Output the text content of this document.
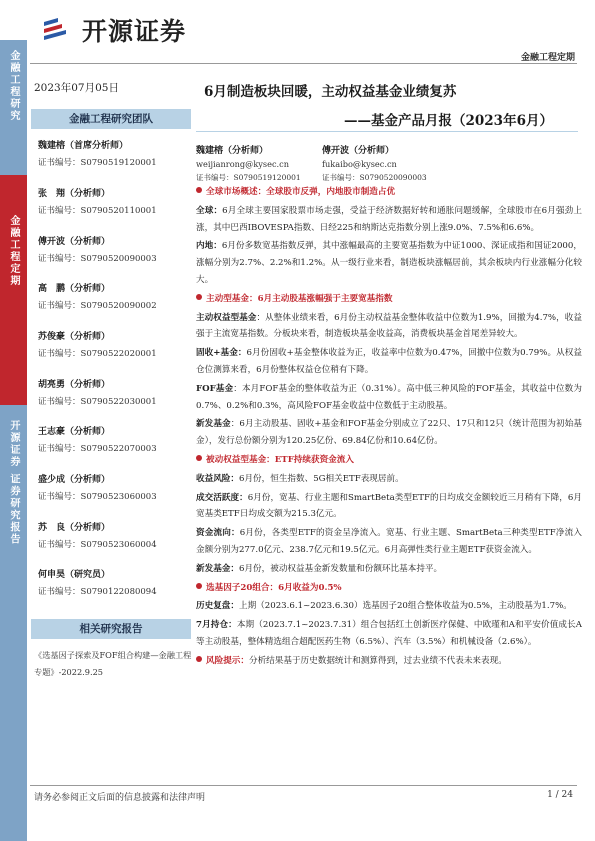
开源证券
金融工程定期
金融工程研究
金融工程定期
开源证券 证券研究报告
2023年07月05日
金融工程研究团队
魏建榕（首席分析师）
证书编号：S0790519120001
张　翔（分析师）
证书编号：S0790520110001
傅开波（分析师）
证书编号：S0790520090003
高　鹏（分析师）
证书编号：S0790520090002
苏俊豪（分析师）
证书编号：S0790522020001
胡亮勇（分析师）
证书编号：S0790522030001
王志豪（分析师）
证书编号：S0790522070003
盛少成（分析师）
证书编号：S0790523060003
苏　良（分析师）
证书编号：S0790523060004
何申昊（研究员）
证书编号：S0790122080094
相关研究报告
《选基因子探索及FOF组合构建—金融工程专题》-2022.9.25
6月制造板块回暖，主动权益基金业绩复苏
——基金产品月报（2023年6月）
魏建榕（分析师）
weijianrong@kysec.cn
证书编号：S0790519120001
傅开波（分析师）
fukaibo@kysec.cn
证书编号：S0790520090003
全球市场概述：全球股市反弹，内地股市制造占优

全球：6月全球主要国家股票市场走强，受益于经济数据好转和通胀问题缓解，全球股市在6月强劲上涨，其中巴西IBOVESPA指数、日经225和纳斯达克指数分别上涨9.0%、7.5%和6.6%。

内地：6月份多数宽基指数反弹，其中涨幅最高的主要宽基指数为中证1000、深证成指和国证2000，涨幅分别为2.7%、2.2%和1.2%。从一级行业来看，制造板块涨幅居前，其余板块内行业涨幅分化较大。

主动型基金：6月主动股基涨幅强于主要宽基指数

主动权益型基金：从整体业绩来看，6月份主动权益基金整体收益中位数为1.9%，回撤为4.7%，收益强于主流宽基指数。分板块来看，制造板块基金收益高，消费板块基金首尾差异较大。

固收+基金：6月份固收+基金整体收益为正，收益率中位数为0.47%，回撤中位数为0.79%。从权益仓位测算来看，6月份整体权益仓位稍有下降。

FOF基金：本月FOF基金的整体收益为正（0.31%）。高中低三种风险的FOF基金，其收益中位数为0.7%、0.2%和0.3%，高风险FOF基金收益中位数低于主动股基。

新发基金：6月主动股基、固收+基金和FOF基金分别成立了22只、17只和12只（统计范围为初始基金），发行总份额分别为120.25亿份、69.84亿份和10.64亿份。

被动权益型基金：ETF持续获资金流入

收益风险：6月份，恒生指数、5G相关ETF表现居前。

成交活跃度：6月份，宽基、行业主题和SmartBeta类型ETF的日均成交金额较近三月稍有下降，6月宽基类ETF日均成交额为215.3亿元。

资金流向：6月份，各类型ETF的资金呈净流入。宽基、行业主题、SmartBeta三种类型ETF净流入金额分别为277.0亿元、238.7亿元和19.5亿元。6月高弹性类行业主题ETF获资金流入。

新发基金：6月份，被动权益基金新发数量和份额环比基本持平。

选基因子20组合：6月收益为0.5%

历史复盘：上期（2023.6.1~2023.6.30）选基因子20组合整体收益为0.5%，主动股基为1.7%。

7月持仓：本期（2023.7.1~2023.7.31）组合包括红土创新医疗保健、中欧瑾和A和平安价值成长A等主动股基，整体精选组合超配医药生物（6.5%）、汽车（3.5%）和机械设备（2.6%）。

风险提示：分析结果基于历史数据统计和测算得到，过去业绩不代表未来表现。

请务必参阅正文后面的信息披露和法律声明	1 / 24
